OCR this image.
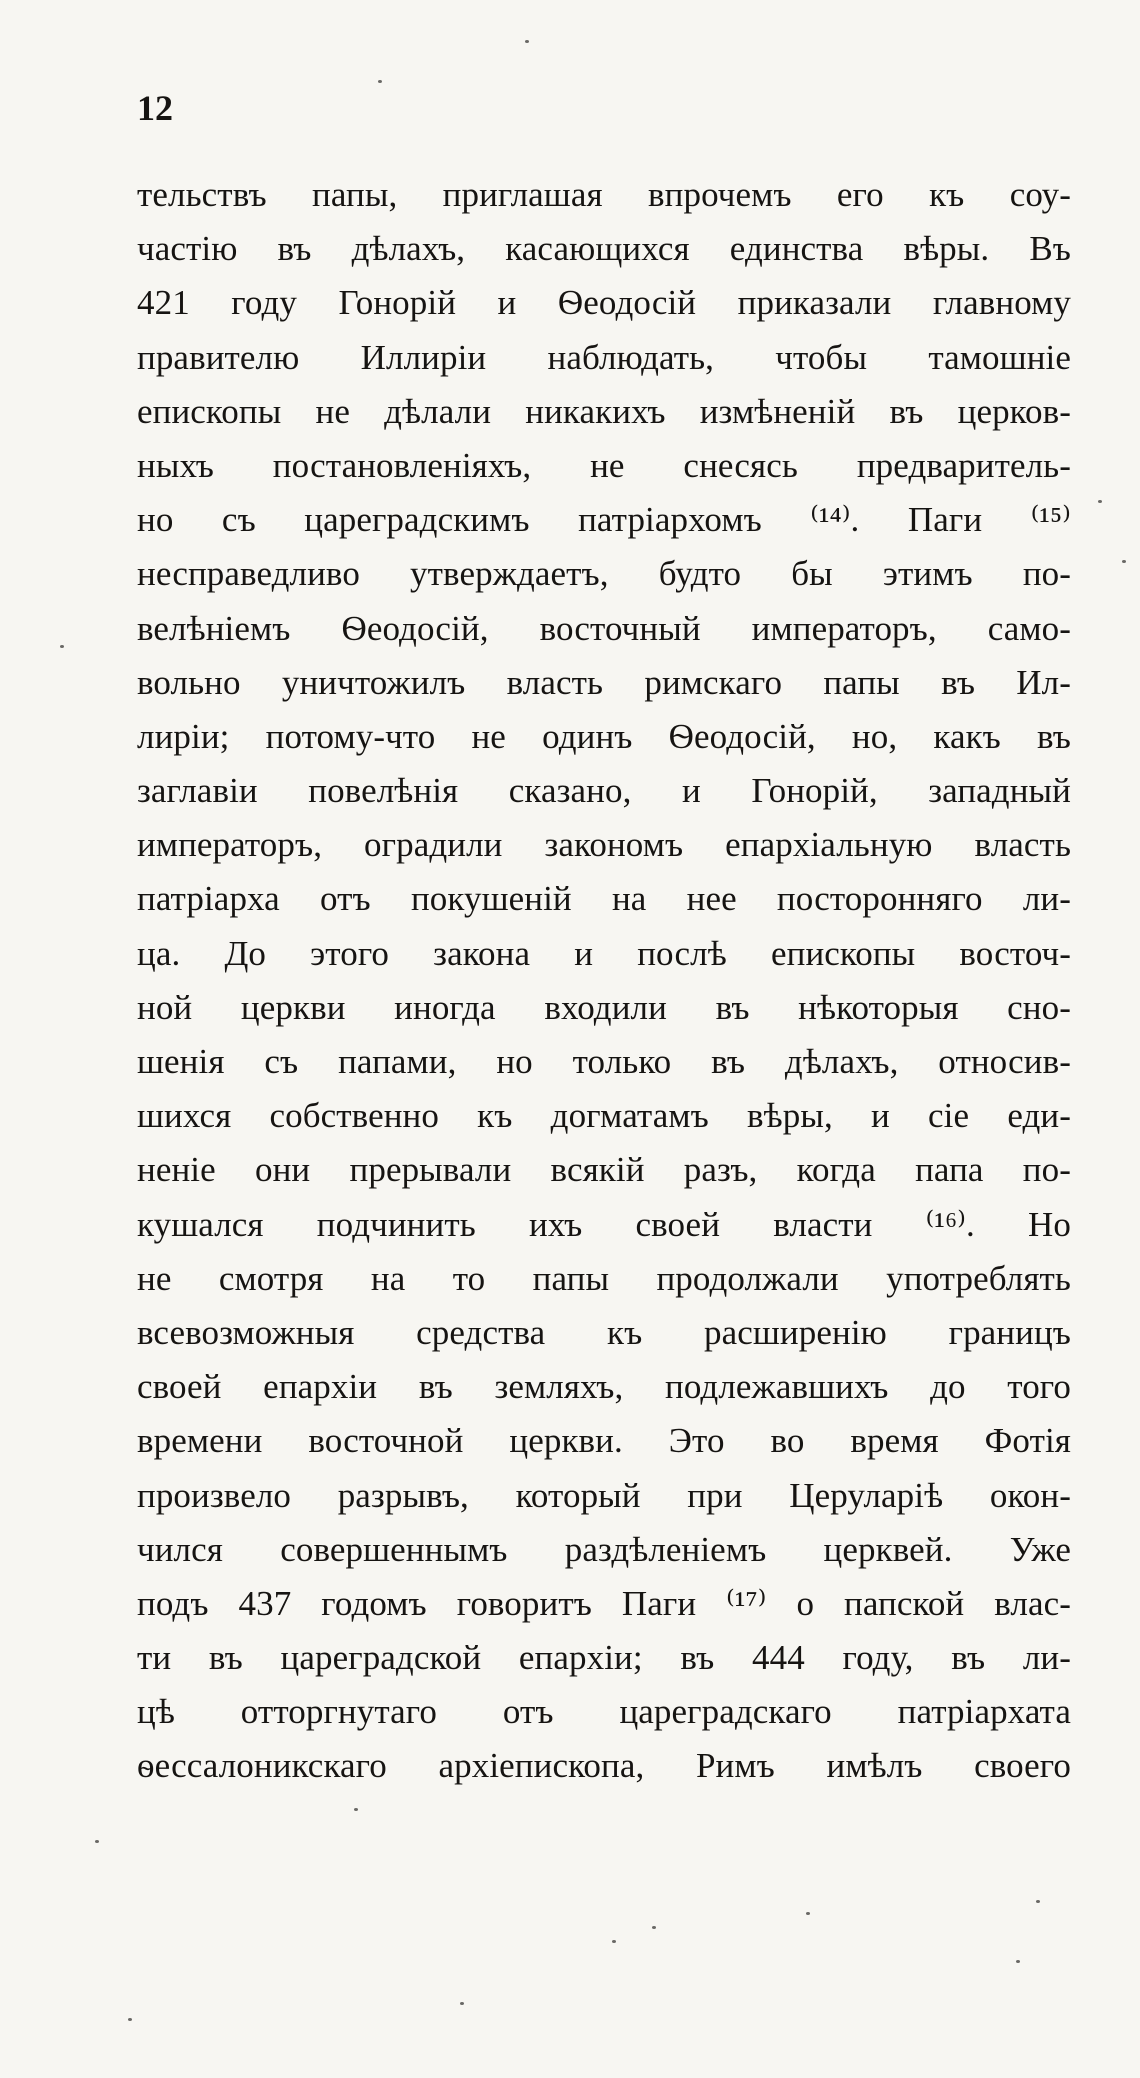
12
тельствъ папы, приглашая впрочемъ его къ соу-
частію въ дѣлахъ, касающихся единства вѣры. Въ
421 году Гонорій и Ѳеодосій приказали главному
правителю Иллиріи наблюдать, чтобы тамошніе
епископы не дѣлали никакихъ измѣненій въ церков-
ныхъ постановленіяхъ, не снесясь предваритель-
но съ цареградскимъ патріархомъ ⁽¹⁴⁾. Паги ⁽¹⁵⁾
несправедливо утверждаетъ, будто бы этимъ по-
велѣніемъ Ѳеодосій, восточный императоръ, само-
вольно уничтожилъ власть римскаго папы въ Ил-
лиріи; потому-что не одинъ Ѳеодосій, но, какъ въ
заглавіи повелѣнія сказано, и Гонорій, западный
императоръ, оградили закономъ епархіальную власть
патріарха отъ покушеній на нее посторонняго ли-
ца. До этого закона и послѣ епископы восточ-
ной церкви иногда входили въ нѣкоторыя сно-
шенія съ папами, но только въ дѣлахъ, относив-
шихся собственно къ догматамъ вѣры, и сіе еди-
неніе они прерывали всякій разъ, когда папа по-
кушался подчинить ихъ своей власти ⁽¹⁶⁾. Но
не смотря на то папы продолжали употреблять
всевозможныя средства къ расширенію границъ
своей епархіи въ земляхъ, подлежавшихъ до того
времени восточной церкви. Это во время Фотія
произвело разрывъ, который при Церуларіѣ окон-
чился совершеннымъ раздѣленіемъ церквей. Уже
подъ 437 годомъ говоритъ Паги ⁽¹⁷⁾ о папской влас-
ти въ цареградской епархіи; въ 444 году, въ ли-
цѣ отторгнутаго отъ цареградскаго патріархата
ѳессалоникскаго архіепископа, Римъ имѣлъ своего
